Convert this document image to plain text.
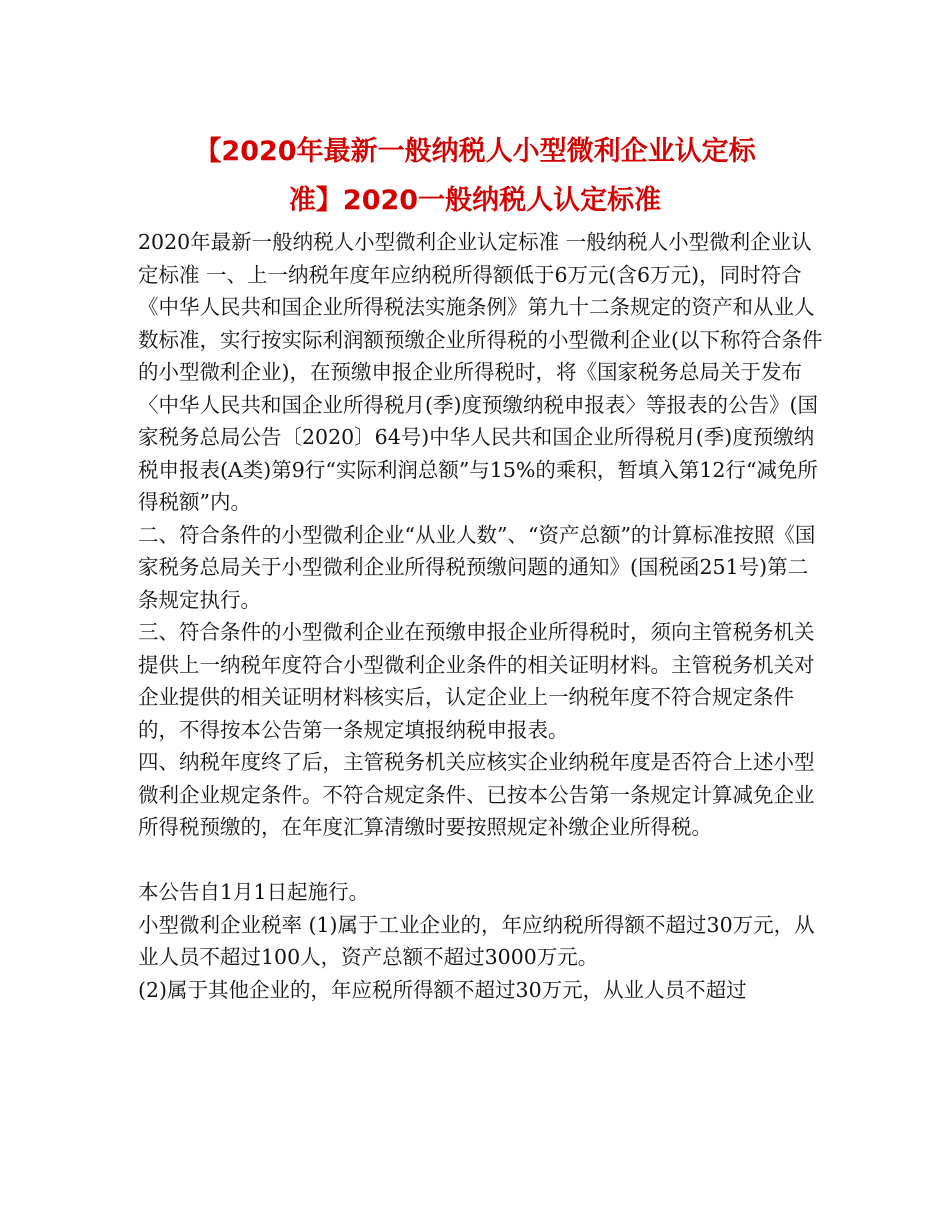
【2020年最新一般纳税人小型微利企业认定标
准】2020一般纳税人认定标准

2020年最新一般纳税人小型微利企业认定标准 一般纳税人小型微利企业认定标准 一、上一纳税年度年应纳税所得额低于6万元(含6万元)，同时符合《中华人民共和国企业所得税法实施条例》第九十二条规定的资产和从业人数标准，实行按实际利润额预缴企业所得税的小型微利企业(以下称符合条件的小型微利企业)，在预缴申报企业所得税时，将《国家税务总局关于发布〈中华人民共和国企业所得税月(季)度预缴纳税申报表〉等报表的公告》(国家税务总局公告〔2020〕64号)中华人民共和国企业所得税月(季)度预缴纳税申报表(A类)第9行“实际利润总额”与15%的乘积，暂填入第12行“减免所得税额”内。

二、符合条件的小型微利企业“从业人数”、“资产总额”的计算标准按照《国家税务总局关于小型微利企业所得税预缴问题的通知》(国税函251号)第二条规定执行。

三、符合条件的小型微利企业在预缴申报企业所得税时，须向主管税务机关提供上一纳税年度符合小型微利企业条件的相关证明材料。主管税务机关对企业提供的相关证明材料核实后，认定企业上一纳税年度不符合规定条件的，不得按本公告第一条规定填报纳税申报表。

四、纳税年度终了后，主管税务机关应核实企业纳税年度是否符合上述小型微利企业规定条件。不符合规定条件、已按本公告第一条规定计算减免企业所得税预缴的，在年度汇算清缴时要按照规定补缴企业所得税。

本公告自1月1日起施行。

小型微利企业税率 (1)属于工业企业的，年应纳税所得额不超过30万元，从业人员不超过100人，资产总额不超过3000万元。

(2)属于其他企业的，年应税所得额不超过30万元，从业人员不超过
